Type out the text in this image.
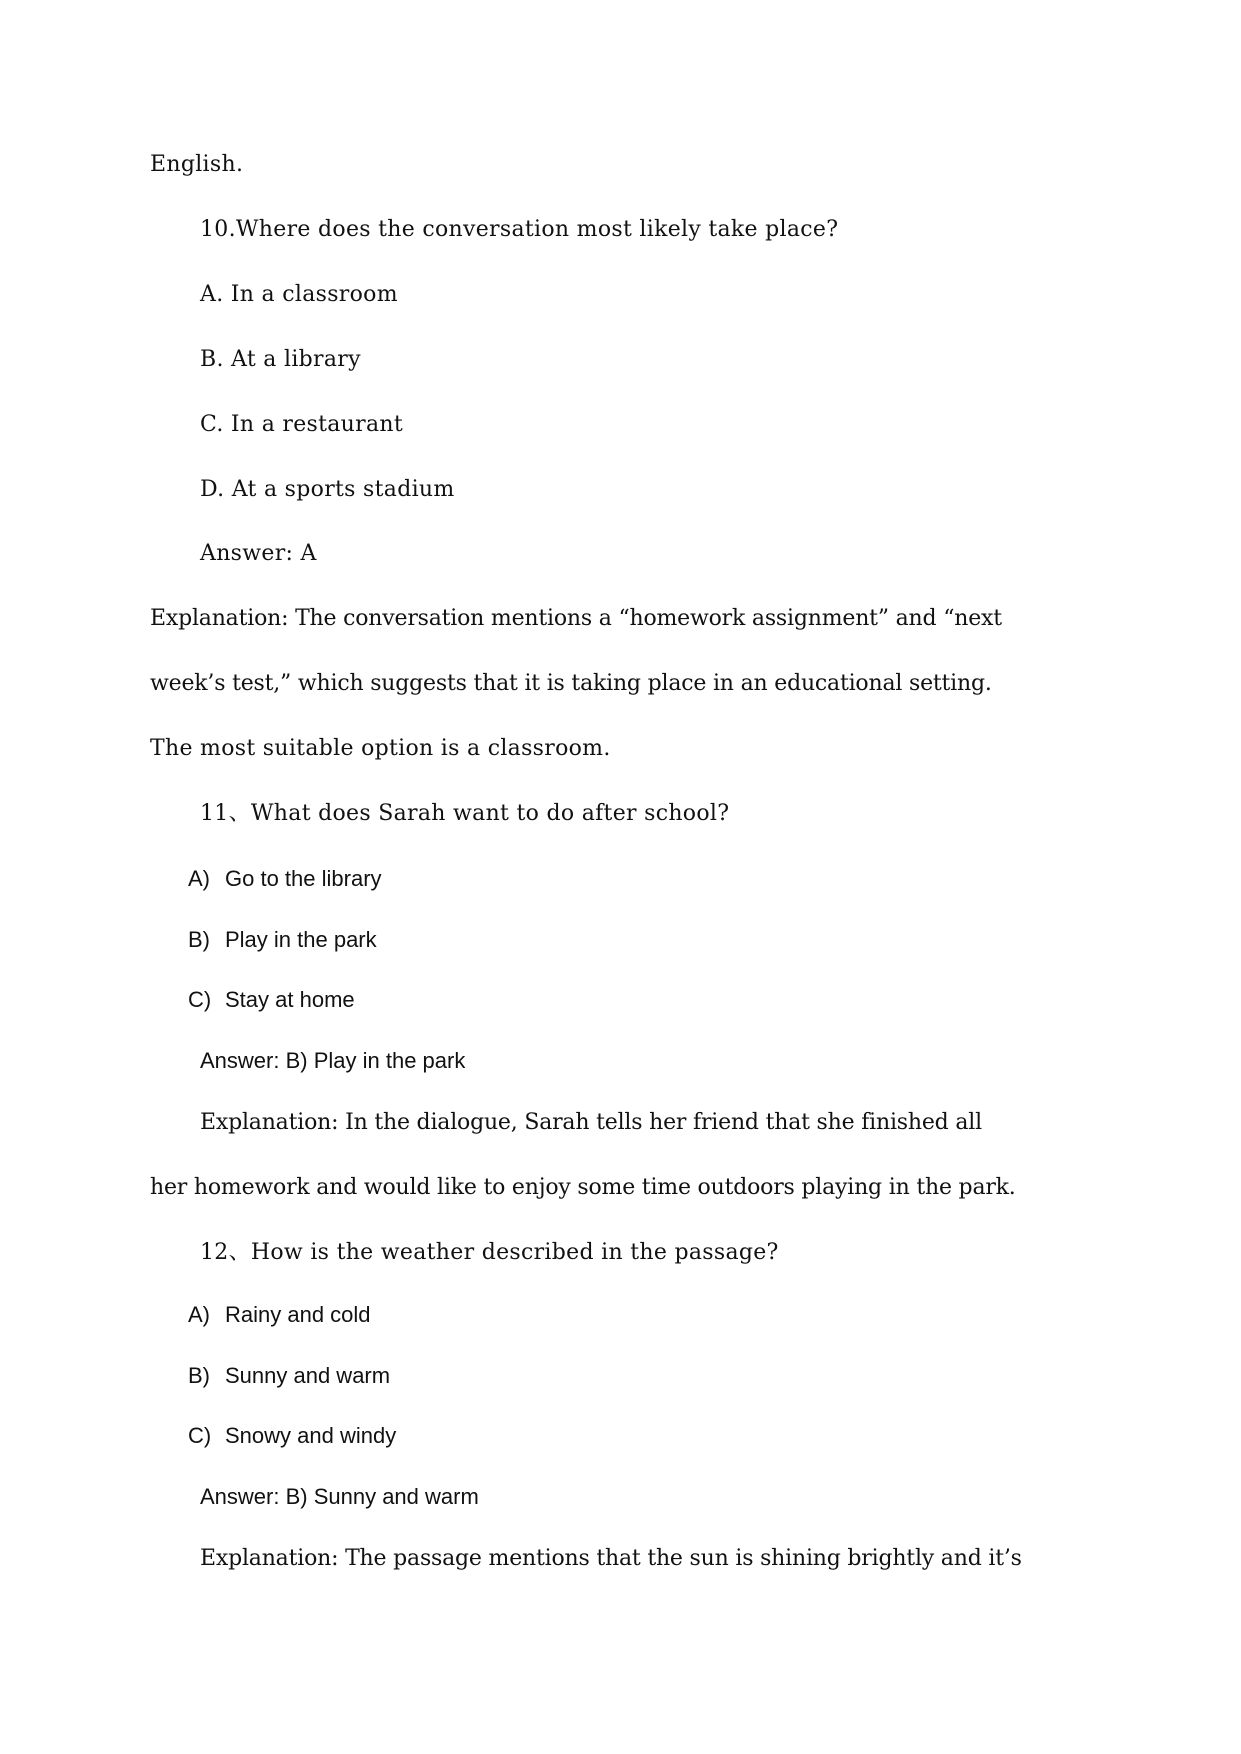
English.
10.Where does the conversation most likely take place?
A. In a classroom
B. At a library
C. In a restaurant
D. At a sports stadium
Answer: A
Explanation: The conversation mentions a “homework assignment” and “next
week’s test,” which suggests that it is taking place in an educational setting.
The most suitable option is a classroom.
11、What does Sarah want to do after school?
A) Go to the library
B) Play in the park
C) Stay at home
Answer: B) Play in the park
Explanation: In the dialogue, Sarah tells her friend that she finished all
her homework and would like to enjoy some time outdoors playing in the park.
12、How is the weather described in the passage?
A) Rainy and cold
B) Sunny and warm
C) Snowy and windy
Answer: B) Sunny and warm
Explanation: The passage mentions that the sun is shining brightly and it’s
